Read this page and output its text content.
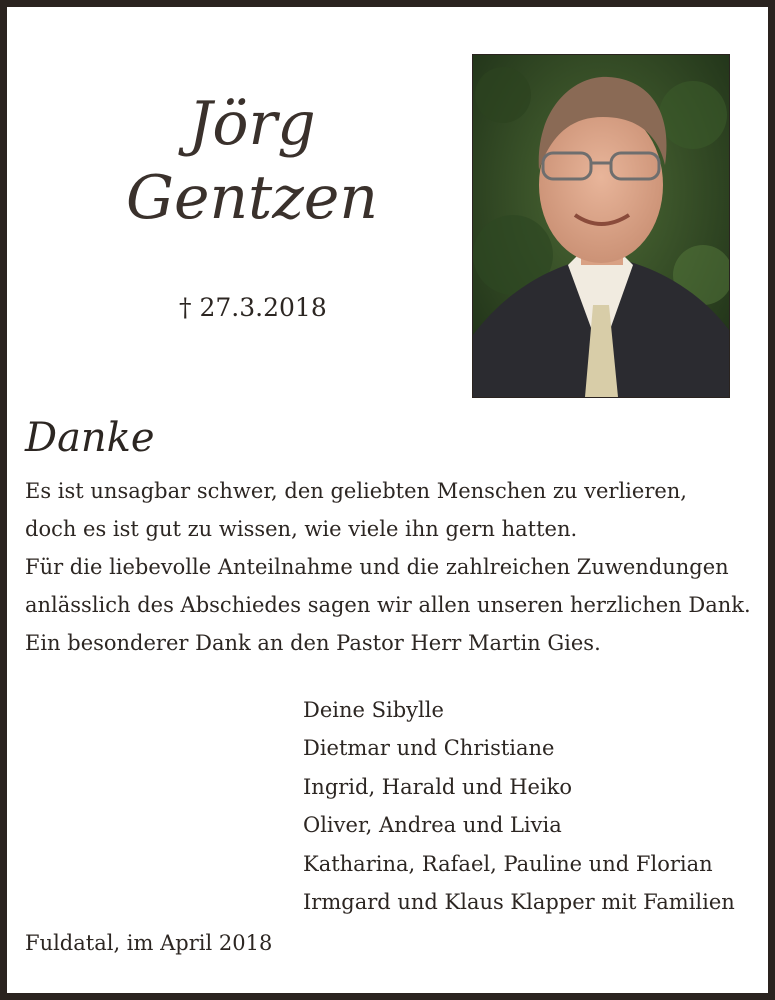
Jörg
Gentzen
† 27.3.2018
Danke
Es ist unsagbar schwer, den geliebten Menschen zu verlieren,
doch es ist gut zu wissen, wie viele ihn gern hatten.
Für die liebevolle Anteilnahme und die zahlreichen Zuwendungen
anlässlich des Abschiedes sagen wir allen unseren herzlichen Dank.
Ein besonderer Dank an den Pastor Herr Martin Gies.
Deine Sibylle
Dietmar und Christiane
Ingrid, Harald und Heiko
Oliver, Andrea und Livia
Katharina, Rafael, Pauline und Florian
Irmgard und Klaus Klapper mit Familien
Fuldatal, im April 2018
